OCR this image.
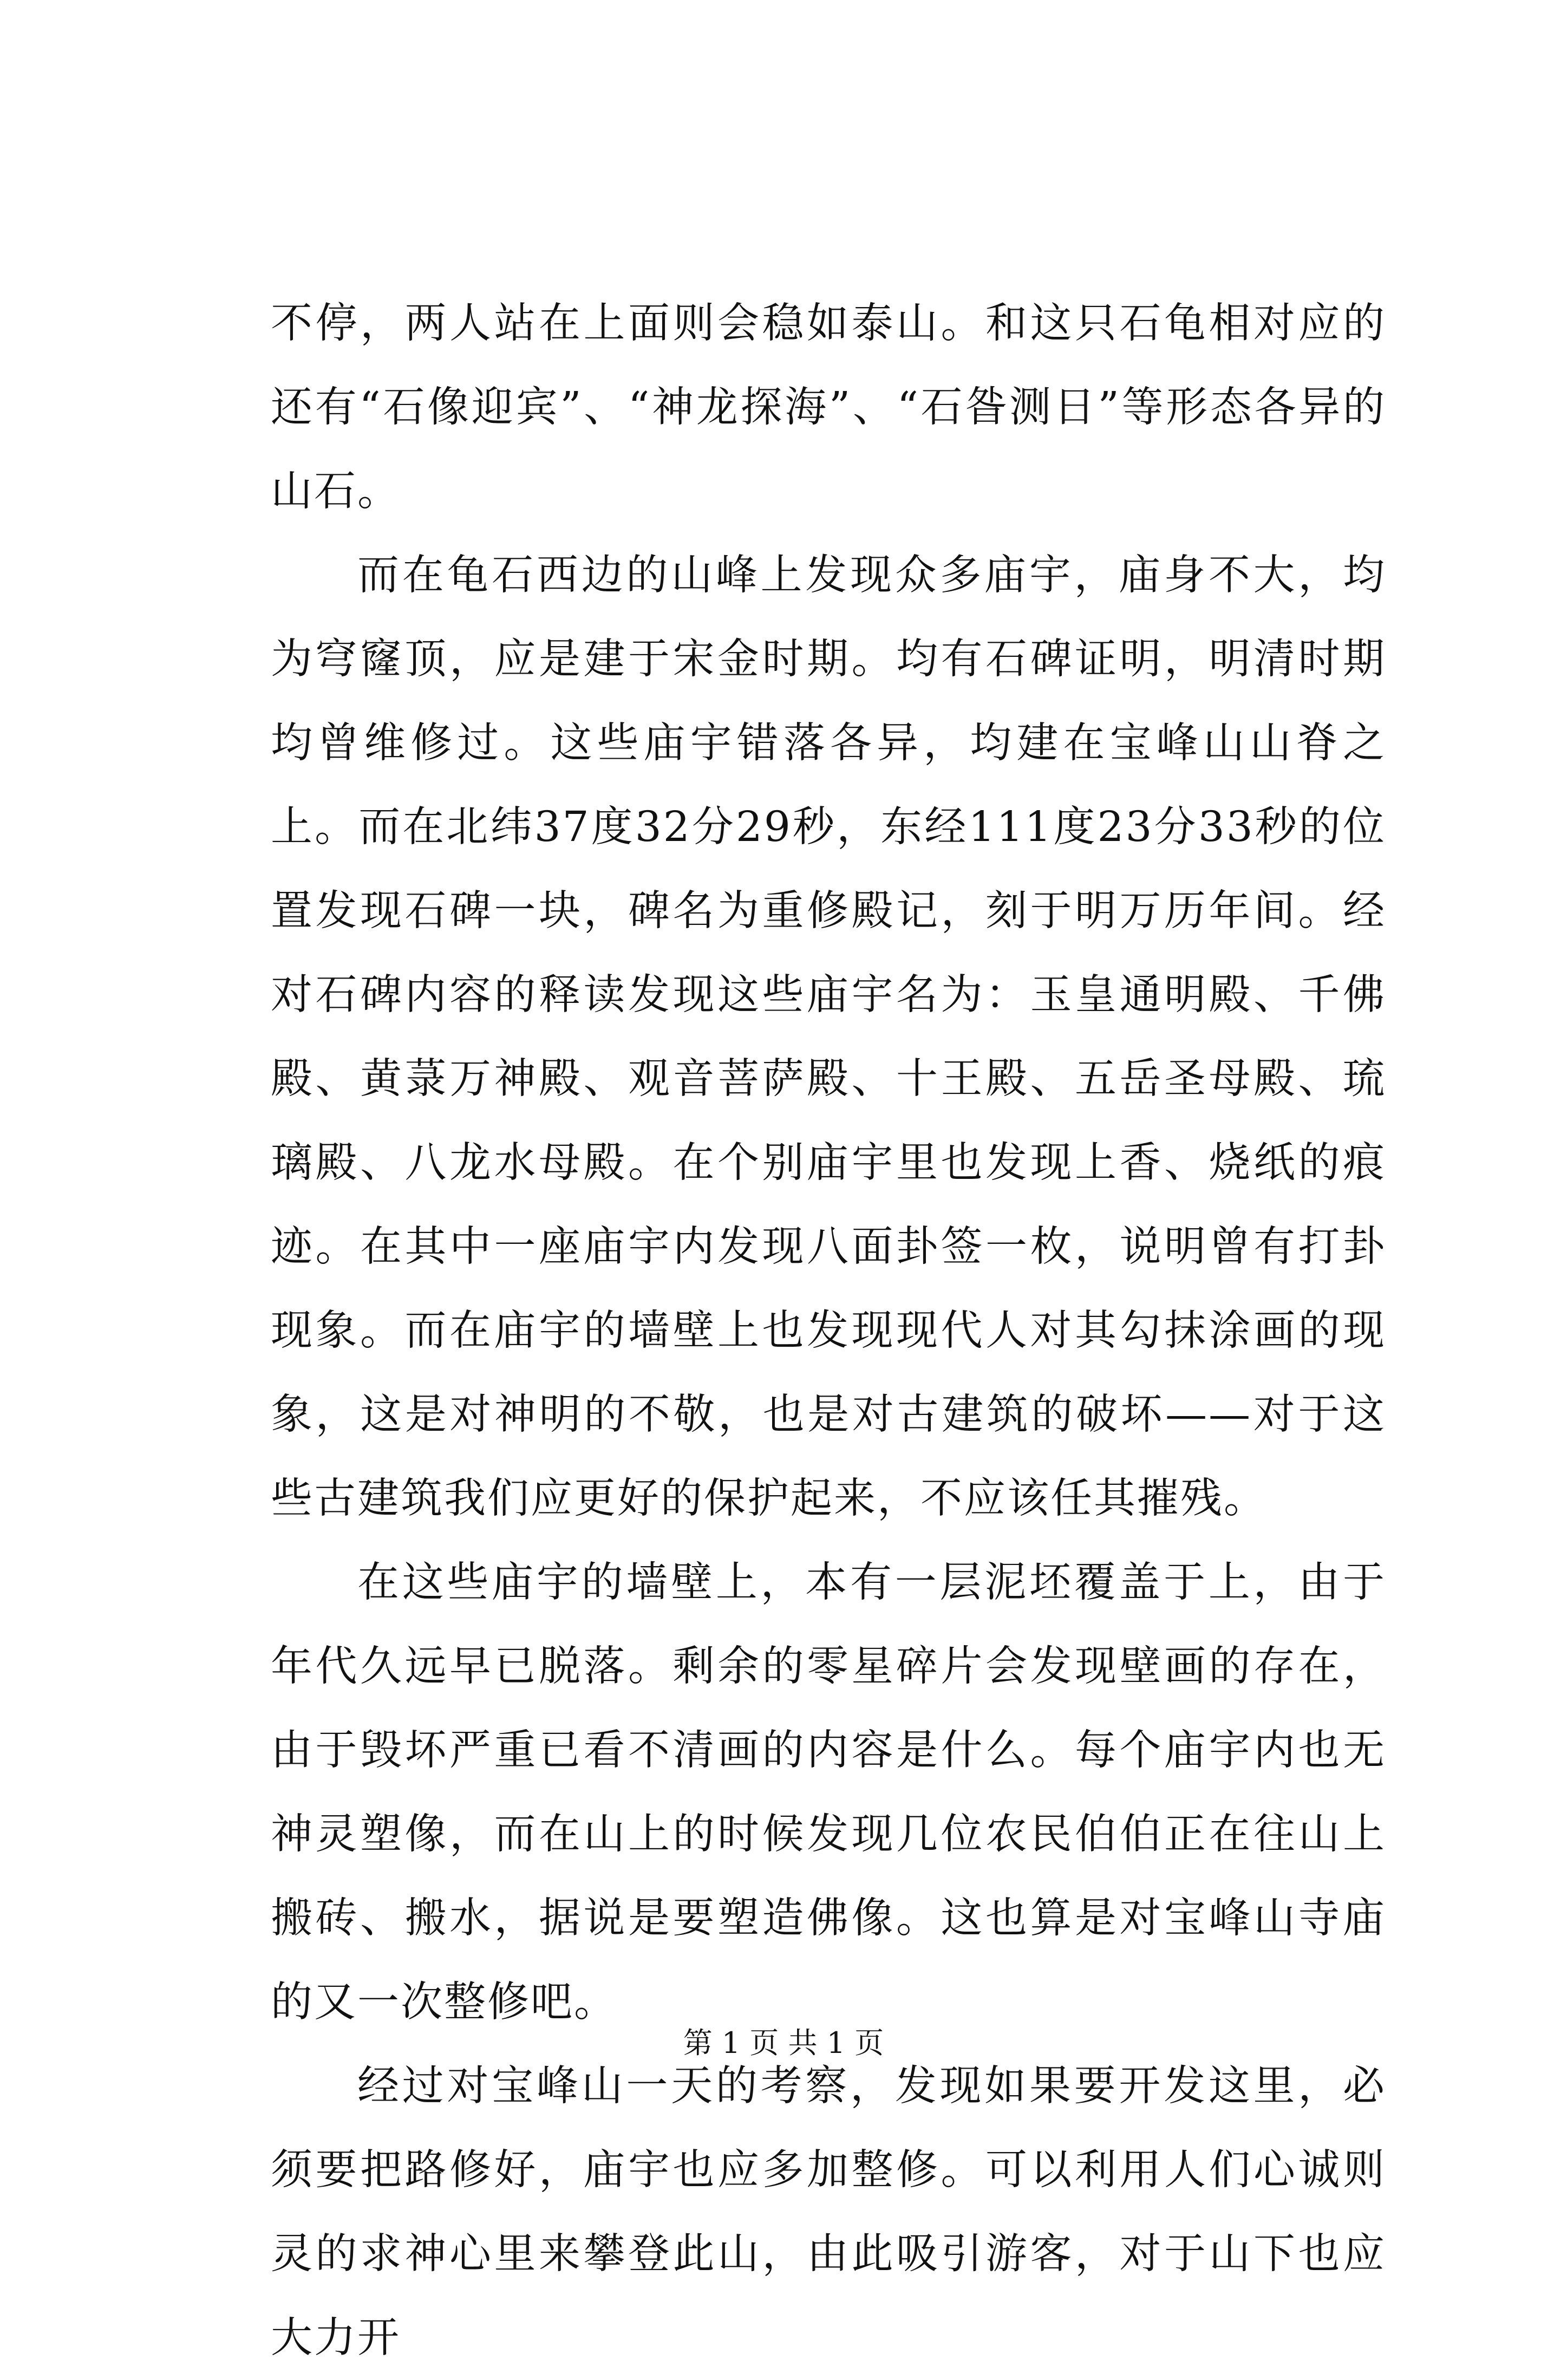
不停，两人站在上面则会稳如泰山。和这只石龟相对应的还有“石像迎宾”、“神龙探海”、“石昝测日”等形态各异的山石。

而在龟石西边的山峰上发现众多庙宇，庙身不大，均为穹窿顶，应是建于宋金时期。均有石碑证明，明清时期均曾维修过。这些庙宇错落各异，均建在宝峰山山脊之上。而在北纬37度32分29秒，东经111度23分33秒的位置发现石碑一块，碑名为重修殿记，刻于明万历年间。经对石碑内容的释读发现这些庙宇名为：玉皇通明殿、千佛殿、黄菉万神殿、观音菩萨殿、十王殿、五岳圣母殿、琉璃殿、八龙水母殿。在个别庙宇里也发现上香、烧纸的痕迹。在其中一座庙宇内发现八面卦签一枚，说明曾有打卦现象。而在庙宇的墙壁上也发现现代人对其勾抹涂画的现象，这是对神明的不敬，也是对古建筑的破坏——对于这些古建筑我们应更好的保护起来，不应该任其摧残。

在这些庙宇的墙壁上，本有一层泥坯覆盖于上，由于年代久远早已脱落。剩余的零星碎片会发现壁画的存在，由于毁坏严重已看不清画的内容是什么。每个庙宇内也无神灵塑像，而在山上的时候发现几位农民伯伯正在往山上搬砖、搬水，据说是要塑造佛像。这也算是对宝峰山寺庙的又一次整修吧。

经过对宝峰山一天的考察，发现如果要开发这里，必须要把路修好，庙宇也应多加整修。可以利用人们心诚则灵的求神心里来攀登此山，由此吸引游客，对于山下也应大力开

第 1 页 共 1 页
